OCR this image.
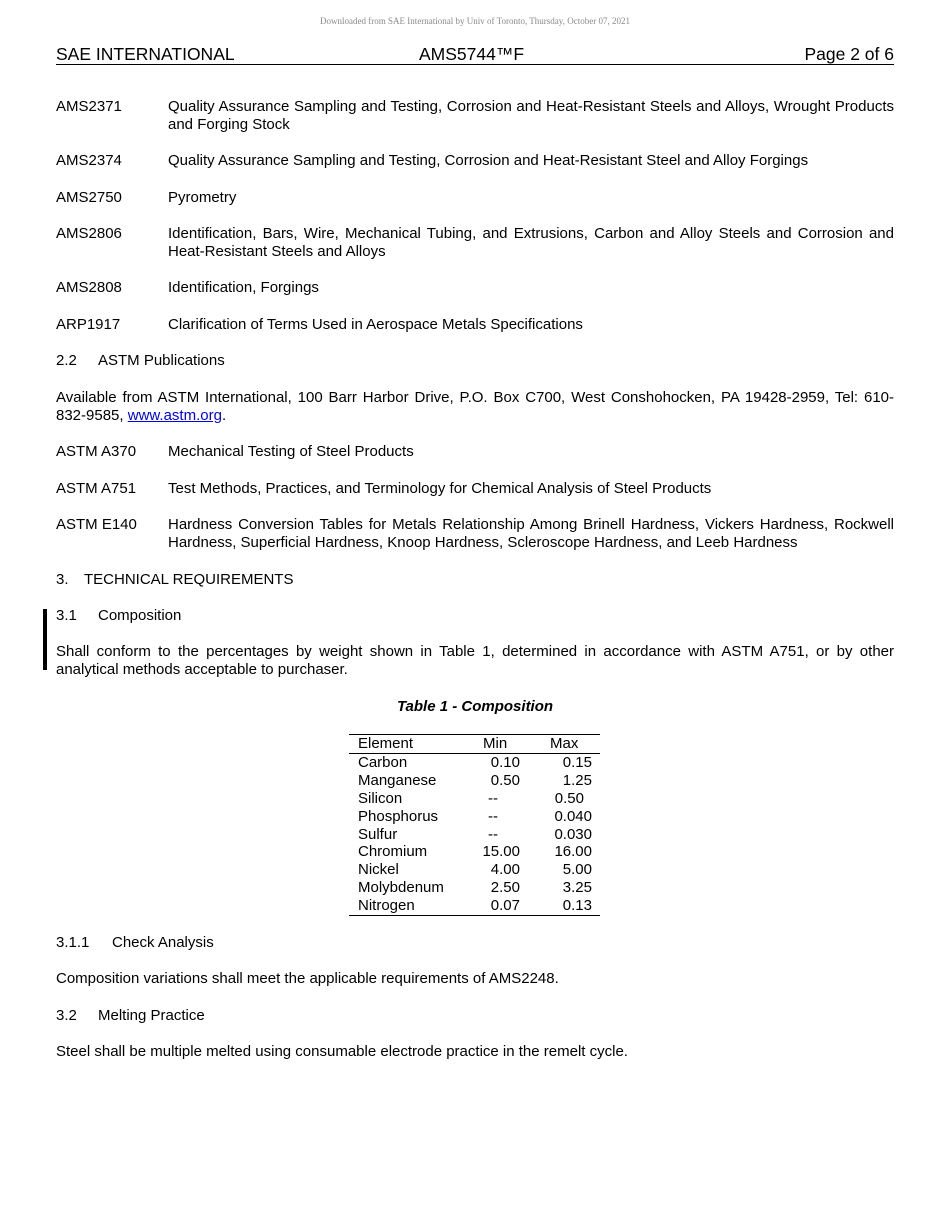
Downloaded from SAE International by Univ of Toronto, Thursday, October 07, 2021
SAE INTERNATIONAL	AMS5744™F	Page 2 of 6
AMS2371	Quality Assurance Sampling and Testing, Corrosion and Heat-Resistant Steels and Alloys, Wrought Products and Forging Stock
AMS2374	Quality Assurance Sampling and Testing, Corrosion and Heat-Resistant Steel and Alloy Forgings
AMS2750	Pyrometry
AMS2806	Identification, Bars, Wire, Mechanical Tubing, and Extrusions, Carbon and Alloy Steels and Corrosion and Heat-Resistant Steels and Alloys
AMS2808	Identification, Forgings
ARP1917	Clarification of Terms Used in Aerospace Metals Specifications
2.2 ASTM Publications
Available from ASTM International, 100 Barr Harbor Drive, P.O. Box C700, West Conshohocken, PA 19428-2959, Tel: 610-832-9585, www.astm.org.
ASTM A370 Mechanical Testing of Steel Products
ASTM A751 Test Methods, Practices, and Terminology for Chemical Analysis of Steel Products
ASTM E140 Hardness Conversion Tables for Metals Relationship Among Brinell Hardness, Vickers Hardness, Rockwell Hardness, Superficial Hardness, Knoop Hardness, Scleroscope Hardness, and Leeb Hardness
3. TECHNICAL REQUIREMENTS
3.1 Composition
Shall conform to the percentages by weight shown in Table 1, determined in accordance with ASTM A751, or by other analytical methods acceptable to purchaser.
Table 1 - Composition
Element	Min	Max
Carbon	0.10	0.15
Manganese	0.50	1.25
Silicon	--	0.50
Phosphorus	--	0.040
Sulfur	--	0.030
Chromium	15.00 16.00
Nickel	4.00	5.00
Molybdenum	2.50	3.25
Nitrogen	0.07	0.13
3.1.1 Check Analysis
Composition variations shall meet the applicable requirements of AMS2248.
3.2 Melting Practice
Steel shall be multiple melted using consumable electrode practice in the remelt cycle.
